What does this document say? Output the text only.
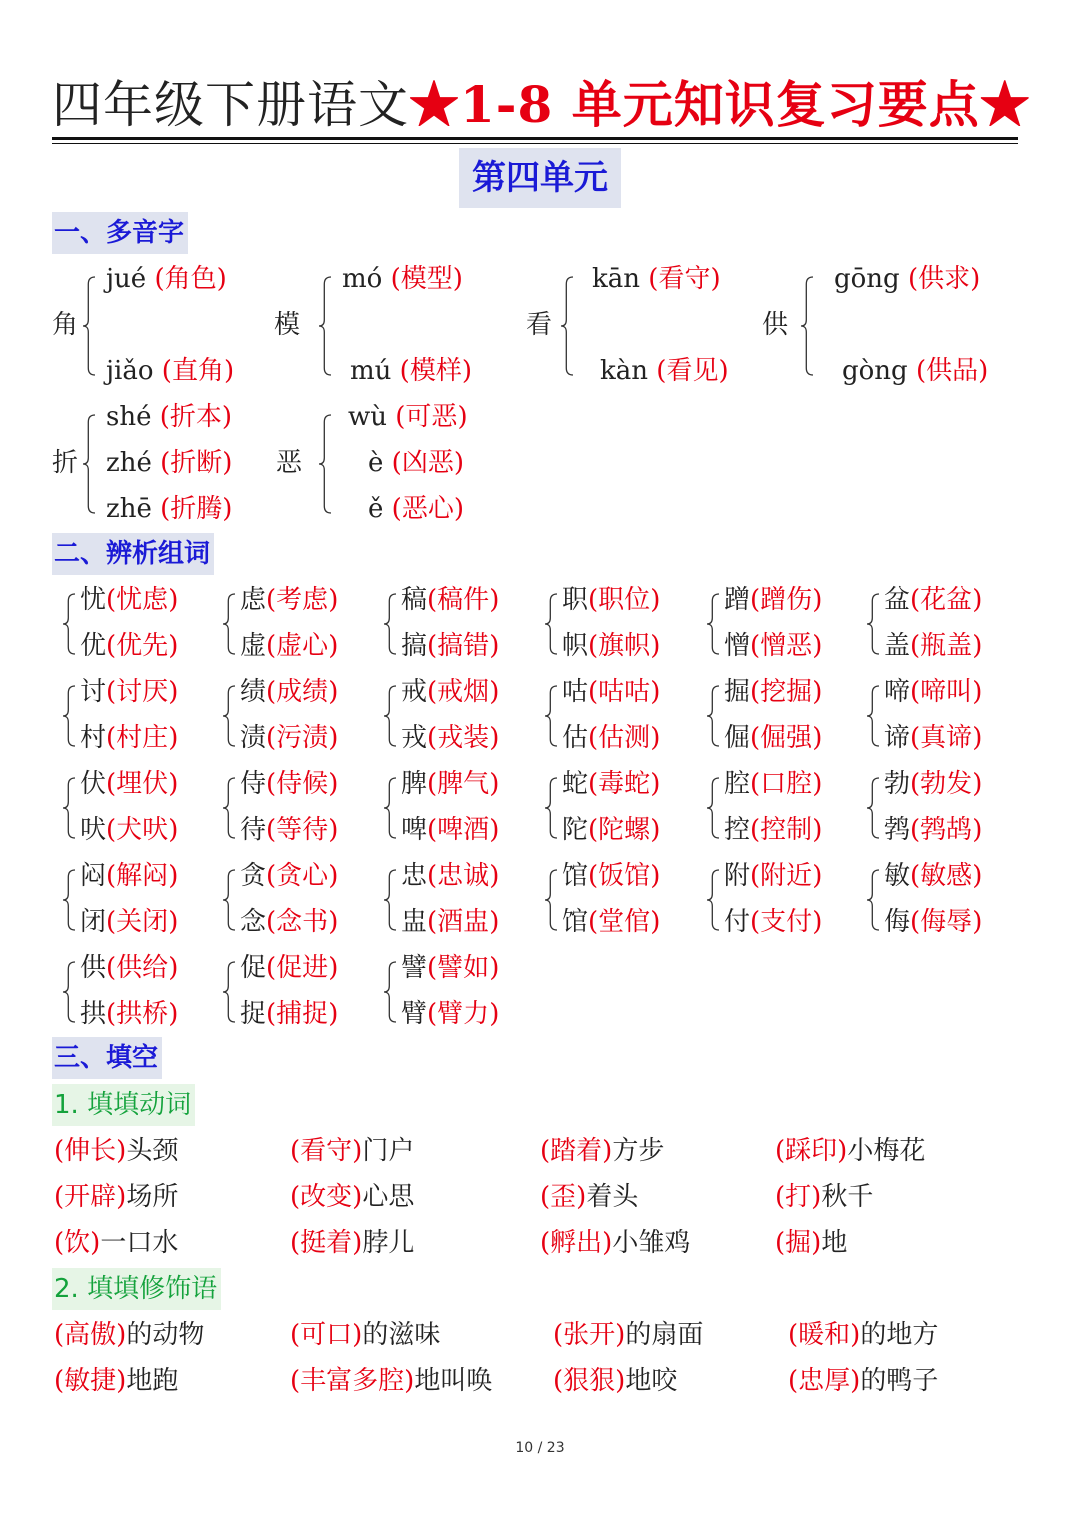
四年级下册语文★1-8 单元知识复习要点★
第四单元
一、多音字
二、辨析组词
三、填空
1. 填填动词
2. 填填修饰语
角
jué (角色)
jiǎo (直角)
模
mó (模型)
mú (模样)
看
kān (看守)
kàn (看见)
供
gōng (供求)
gòng (供品)
折
shé (折本)
zhé (折断)
zhē (折腾)
恶
wù (可恶)
è (凶恶)
ě (恶心)
忧(忧虑)
优(优先)
虑(考虑)
虚(虚心)
稿(稿件)
搞(搞错)
职(职位)
帜(旗帜)
蹭(蹭伤)
憎(憎恶)
盆(花盆)
盖(瓶盖)
讨(讨厌)
村(村庄)
绩(成绩)
渍(污渍)
戒(戒烟)
戎(戎装)
咕(咕咕)
估(估测)
掘(挖掘)
倔(倔强)
啼(啼叫)
谛(真谛)
伏(埋伏)
吠(犬吠)
侍(侍候)
待(等待)
脾(脾气)
啤(啤酒)
蛇(毒蛇)
陀(陀螺)
腔(口腔)
控(控制)
勃(勃发)
鹁(鹁鸪)
闷(解闷)
闭(关闭)
贪(贪心)
念(念书)
忠(忠诚)
盅(酒盅)
馆(饭馆)
馆(堂倌)
附(附近)
付(支付)
敏(敏感)
侮(侮辱)
供(供给)
拱(拱桥)
促(促进)
捉(捕捉)
譬(譬如)
臂(臂力)
(伸长)头颈	(看守)门户	(踏着)方步	(踩印)小梅花
(开辟)场所	(改变)心思	(歪)着头	(打)秋千
(饮)一口水	(挺着)脖儿	(孵出)小雏鸡	(掘)地
(高傲)的动物	(可口)的滋味	(张开)的扇面	(暖和)的地方
(敏捷)地跑	(丰富多腔)地叫唤 (狠狠)地咬	(忠厚)的鸭子
10 / 23
